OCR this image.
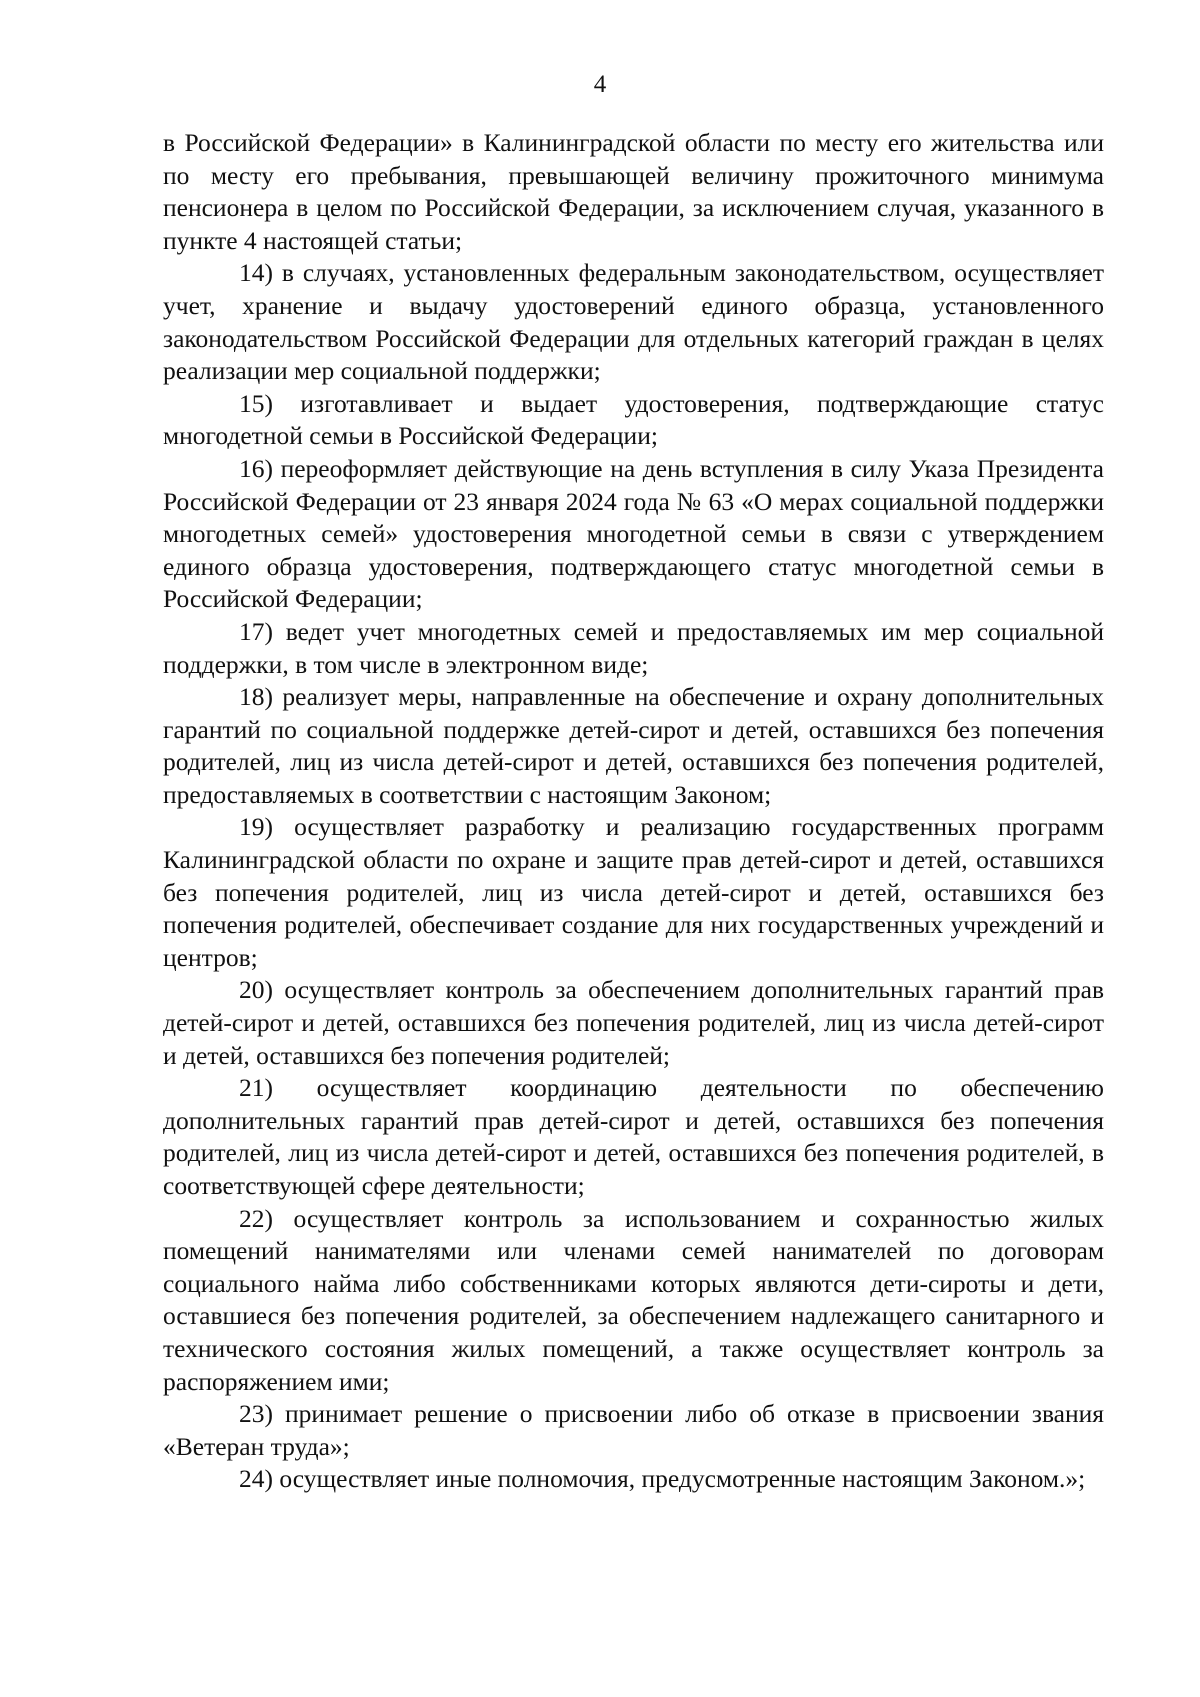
4

в Российской Федерации» в Калининградской области по месту его жительства или по месту его пребывания, превышающей величину прожиточного минимума пенсионера в целом по Российской Федерации, за исключением случая, указанного в пункте 4 настоящей статьи;

14) в случаях, установленных федеральным законодательством, осуществляет учет, хранение и выдачу удостоверений единого образца, установленного законодательством Российской Федерации для отдельных категорий граждан в целях реализации мер социальной поддержки;

15) изготавливает и выдает удостоверения, подтверждающие статус многодетной семьи в Российской Федерации;

16) переоформляет действующие на день вступления в силу Указа Президента Российской Федерации от 23 января 2024 года № 63 «О мерах социальной поддержки многодетных семей» удостоверения многодетной семьи в связи с утверждением единого образца удостоверения, подтверждающего статус многодетной семьи в Российской Федерации;

17) ведет учет многодетных семей и предоставляемых им мер социальной поддержки, в том числе в электронном виде;

18) реализует меры, направленные на обеспечение и охрану дополнительных гарантий по социальной поддержке детей-сирот и детей, оставшихся без попечения родителей, лиц из числа детей-сирот и детей, оставшихся без попечения родителей, предоставляемых в соответствии с настоящим Законом;

19) осуществляет разработку и реализацию государственных программ Калининградской области по охране и защите прав детей-сирот и детей, оставшихся без попечения родителей, лиц из числа детей-сирот и детей, оставшихся без попечения родителей, обеспечивает создание для них государственных учреждений и центров;

20) осуществляет контроль за обеспечением дополнительных гарантий прав детей-сирот и детей, оставшихся без попечения родителей, лиц из числа детей-сирот и детей, оставшихся без попечения родителей;

21) осуществляет координацию деятельности по обеспечению дополнительных гарантий прав детей-сирот и детей, оставшихся без попечения родителей, лиц из числа детей-сирот и детей, оставшихся без попечения родителей, в соответствующей сфере деятельности;

22) осуществляет контроль за использованием и сохранностью жилых помещений нанимателями или членами семей нанимателей по договорам социального найма либо собственниками которых являются дети-сироты и дети, оставшиеся без попечения родителей, за обеспечением надлежащего санитарного и технического состояния жилых помещений, а также осуществляет контроль за распоряжением ими;

23) принимает решение о присвоении либо об отказе в присвоении звания «Ветеран труда»;

24) осуществляет иные полномочия, предусмотренные настоящим Законом.»;
